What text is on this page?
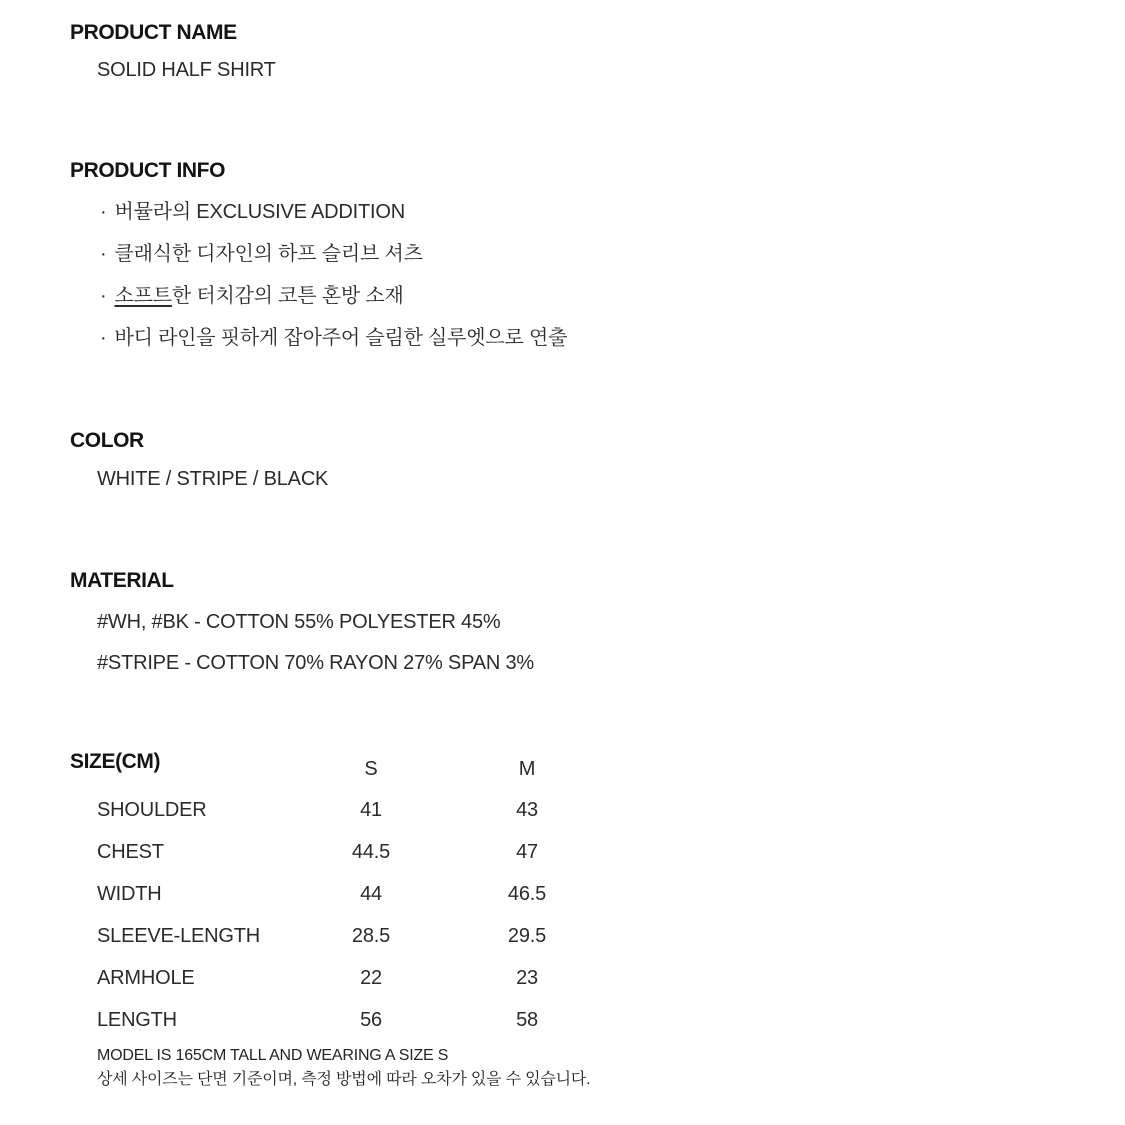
PRODUCT NAME
SOLID HALF SHIRT
PRODUCT INFO
· 버뮬라의 EXCLUSIVE ADDITION
· 클래식한 디자인의 하프 슬리브 셔츠
· 소프트한 터치감의 코튼 혼방 소재
· 바디 라인을 핏하게 잡아주어 슬림한 실루엣으로 연출
COLOR
WHITE / STRIPE / BLACK
MATERIAL
#WH, #BK - COTTON 55% POLYESTER 45%
#STRIPE - COTTON 70% RAYON 27% SPAN 3%
SIZE(CM)	S	M
SHOULDER	41	43
CHEST	44.5	47
WIDTH	44	46.5
SLEEVE-LENGTH	28.5	29.5
ARMHOLE	22	23
LENGTH	56	58
MODEL IS 165CM TALL AND WEARING A SIZE S
상세 사이즈는 단면 기준이며, 측정 방법에 따라 오차가 있을 수 있습니다.
